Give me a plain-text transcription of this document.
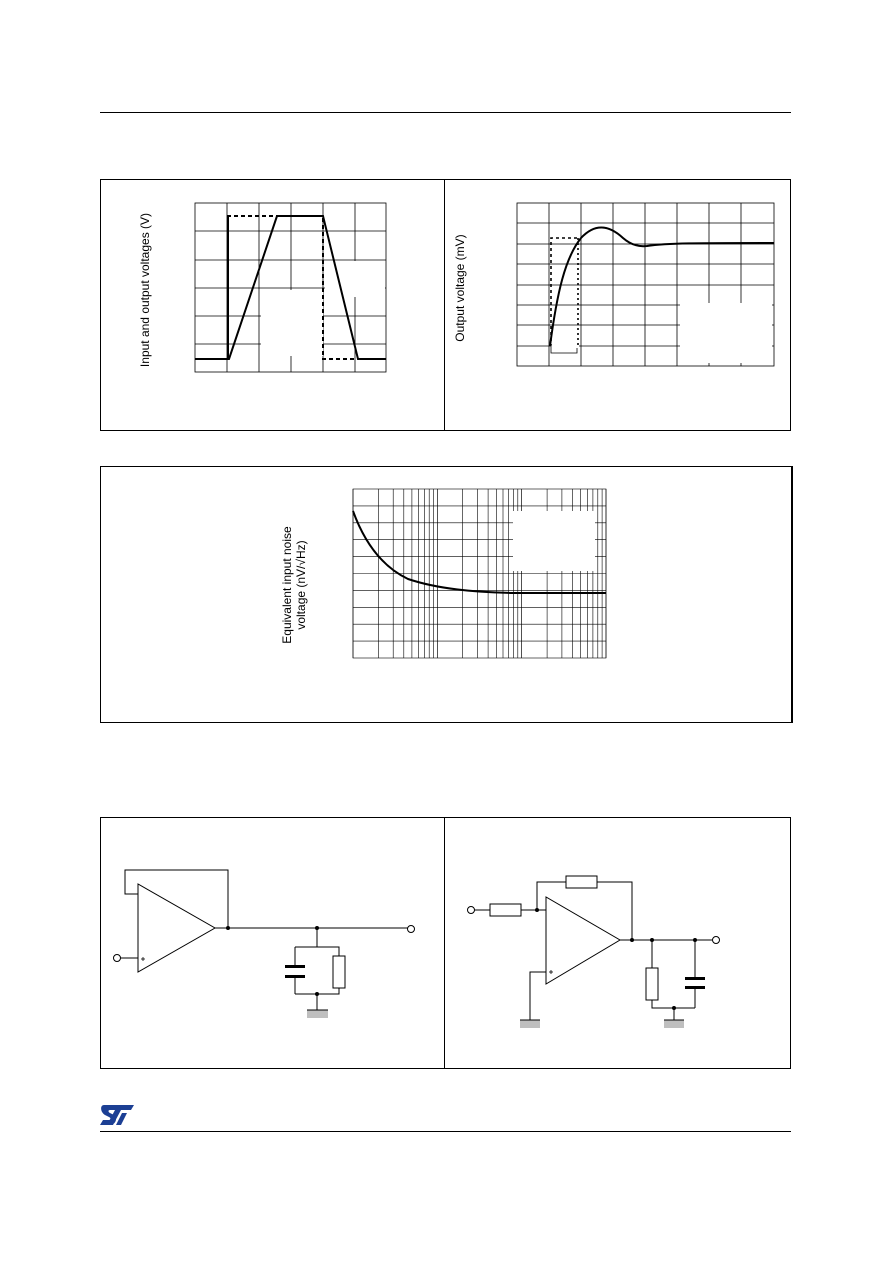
Input and output voltages (V)	Output voltage (mV)
Equivalent input noise voltage (nV/√Hz)
